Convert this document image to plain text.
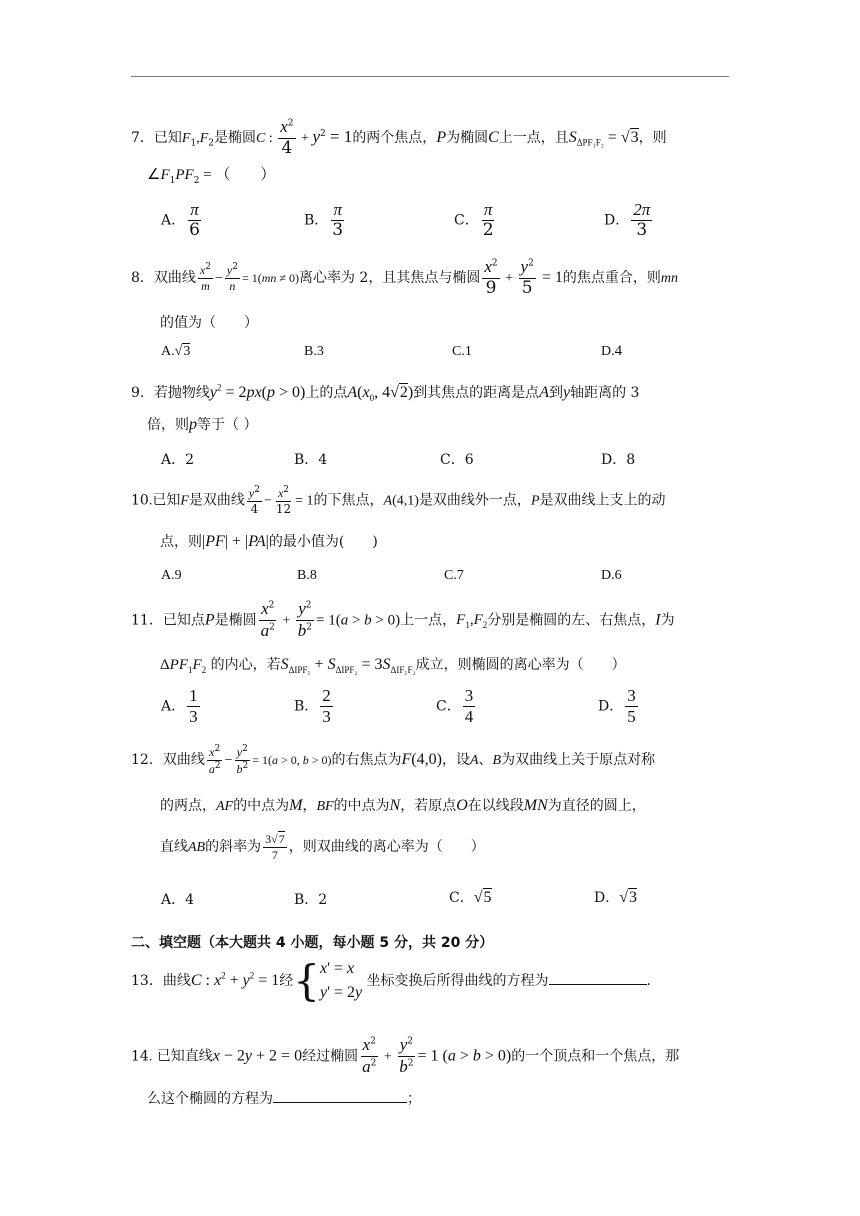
7．已知$F_1,F_2$是椭圆C : $\frac{x^2}{4} + y^2 = 1$的两个焦点，P为椭圆C上一点，且$S_{\Delta PF_1F_2} = √3$，则
$\angle F_1PF_2$ = （　　）
A． $\frac{\pi}{6}$	B． $\frac{\pi}{3}$	C． $\frac{\pi}{2}$	D． $\frac{2\pi}{3}$
8．双曲线 $\frac{x^2}{m} - \frac{y^2}{n} = 1(mn \ne 0)$离心率为 2，且其焦点与椭圆 $\frac{x^2}{9} + \frac{y^2}{5} = 1$的焦点重合，则mn
的值为（　　）
A.√3	B.3	C.1	D.4
9．若抛物线$y^2 = 2px(p > 0)$上的点$A(x_0$, 4√2)到其焦点的距离是点A到y轴距离的 3
倍，则p等于（ ）
A．2	B．4	C．6	D．8
10.已知F是双曲线 $\frac{y^2}{4} - \frac{x^2}{12} = 1$的下焦点，A(4,1)是双曲线外一点，P是双曲线上支上的动
点，则|PF| + |PA|的最小值为(　　)
A.9	B.8	C.7	D.6
11．已知点P是椭圆 $\frac{x^2}{a^2} + \frac{y^2}{b^2} = 1(a > b > 0)$上一点，$F_1,F_2$分别是椭圆的左、右焦点，I为
$\Delta PF_1F_2$ 的内心，若$S_{\Delta IPF_1} + S_{\Delta IPF_2} = 3S_{\Delta IF_1F_2}$成立，则椭圆的离心率为（　　）
A． $\frac{1}{3}$	B． $\frac{2}{3}$	C． $\frac{3}{4}$	D． $\frac{3}{5}$
12．双曲线 $\frac{x^2}{a^2} - \frac{y^2}{b^2} = 1(a > 0$, b > 0)的右焦点为F(4,0)，设A、B为双曲线上关于原点对称
的两点，AF的中点为M，BF的中点为N，若原点O在以线段MN为直径的圆上，
直线AB的斜率为 $\frac{3√7}{7}$ ，则双曲线的离心率为（　　）
A．4	B．2	C．√5	D．√3
二、填空题（本大题共 4 小题，每小题 5 分，共 20 分）
13．曲线C : $x^2 + y^2 = 1$经 { x' = x
y' = 2y
坐标变换后所得曲线的方程为	.
14. 已知直线x − 2y + 2 = 0经过椭圆 $\frac{x^2}{a^2} + \frac{y^2}{b^2} = 1$ (a > b > 0)的一个顶点和一个焦点，那
么这个椭圆的方程为	；
